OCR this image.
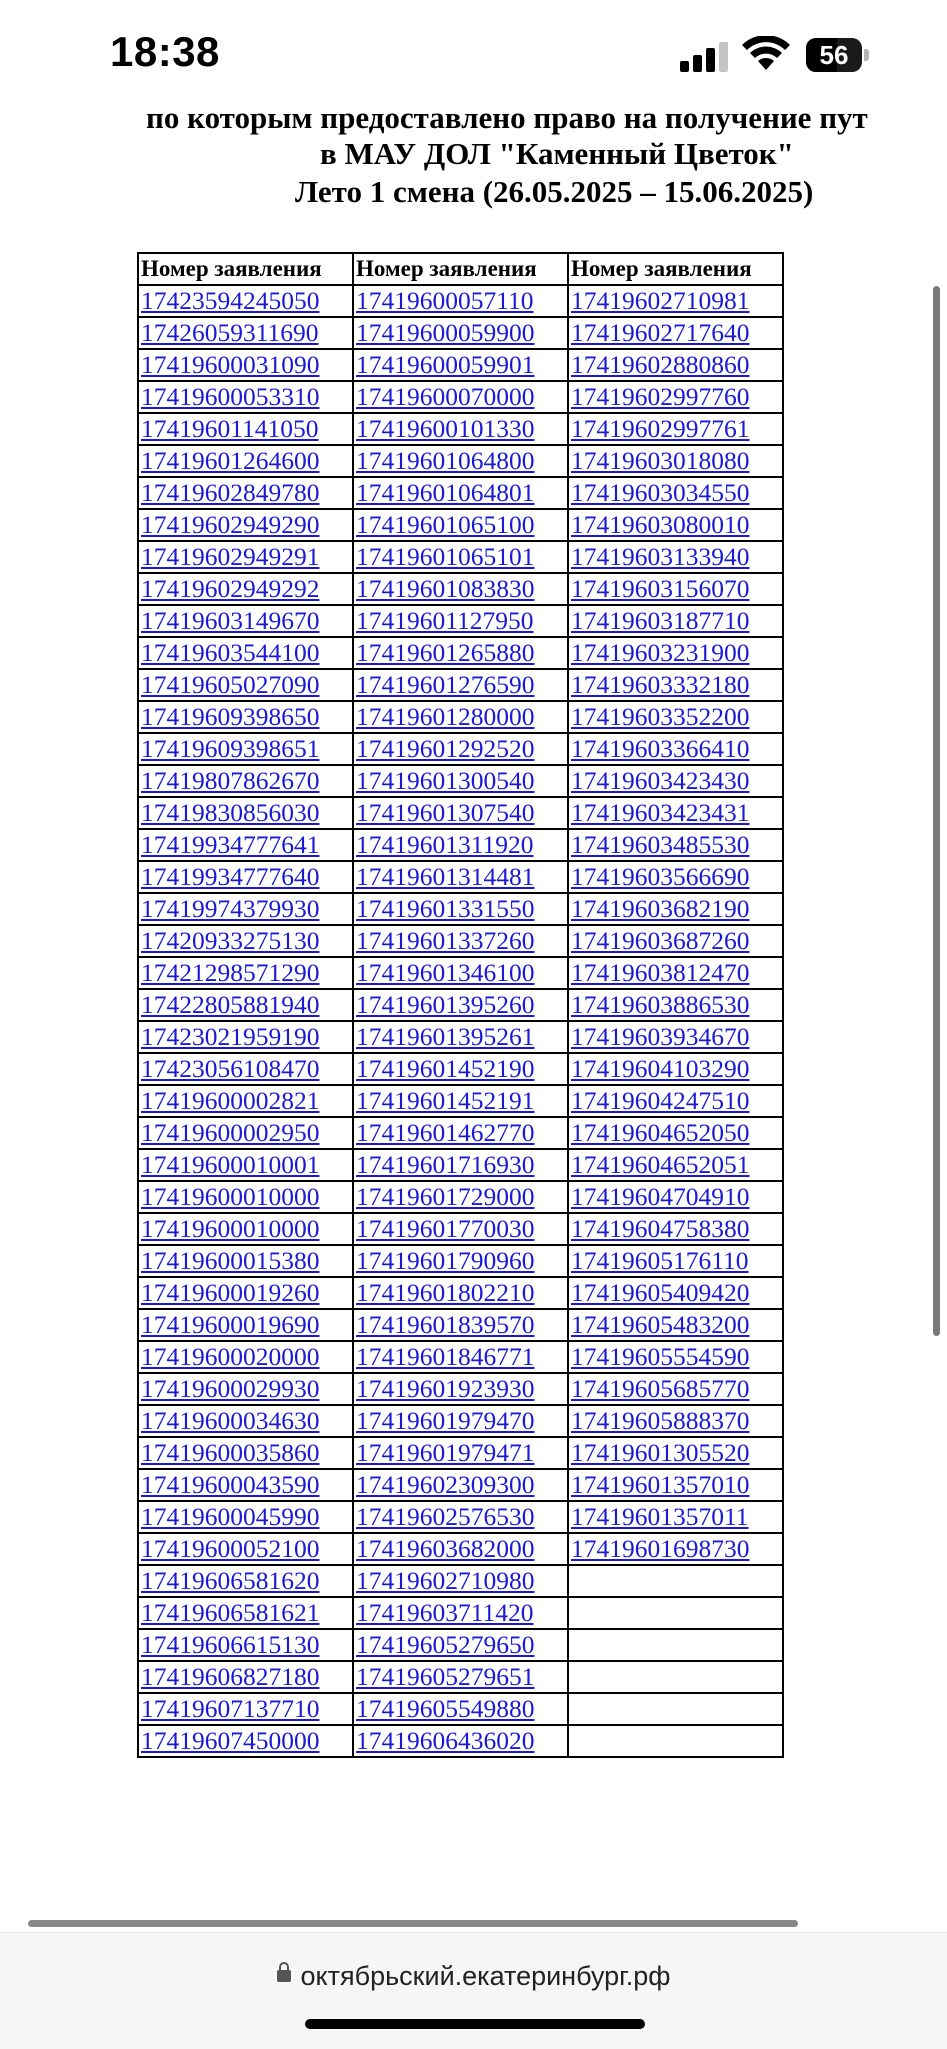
18:38	56
по которым предоставлено право на получение пут
в МАУ ДОЛ "Каменный Цветок"
Лето 1 смена (26.05.2025 – 15.06.2025)
Номер заявления	Номер заявления	Номер заявления
17423594245050	17419600057110	17419602710981
17426059311690	17419600059900	17419602717640
17419600031090	17419600059901	17419602880860
17419600053310	17419600070000	17419602997760
17419601141050	17419600101330	17419602997761
17419601264600	17419601064800	17419603018080
17419602849780	17419601064801	17419603034550
17419602949290	17419601065100	17419603080010
17419602949291	17419601065101	17419603133940
17419602949292	17419601083830	17419603156070
17419603149670	17419601127950	17419603187710
17419603544100	17419601265880	17419603231900
17419605027090	17419601276590	17419603332180
17419609398650	17419601280000	17419603352200
17419609398651	17419601292520	17419603366410
17419807862670	17419601300540	17419603423430
17419830856030	17419601307540	17419603423431
17419934777641	17419601311920	17419603485530
17419934777640	17419601314481	17419603566690
17419974379930	17419601331550	17419603682190
17420933275130	17419601337260	17419603687260
17421298571290	17419601346100	17419603812470
17422805881940	17419601395260	17419603886530
17423021959190	17419601395261	17419603934670
17423056108470	17419601452190	17419604103290
17419600002821	17419601452191	17419604247510
17419600002950	17419601462770	17419604652050
17419600010001	17419601716930	17419604652051
17419600010000	17419601729000	17419604704910
17419600010000	17419601770030	17419604758380
17419600015380	17419601790960	17419605176110
17419600019260	17419601802210	17419605409420
17419600019690	17419601839570	17419605483200
17419600020000	17419601846771	17419605554590
17419600029930	17419601923930	17419605685770
17419600034630	17419601979470	17419605888370
17419600035860	17419601979471	17419601305520
17419600043590	17419602309300	17419601357010
17419600045990	17419602576530	17419601357011
17419600052100	17419603682000	17419601698730
17419606581620	17419602710980	
17419606581621	17419603711420	
17419606615130	17419605279650	
17419606827180	17419605279651	
17419607137710	17419605549880	
17419607450000	17419606436020	
октябрьский.екатеринбург.рф
